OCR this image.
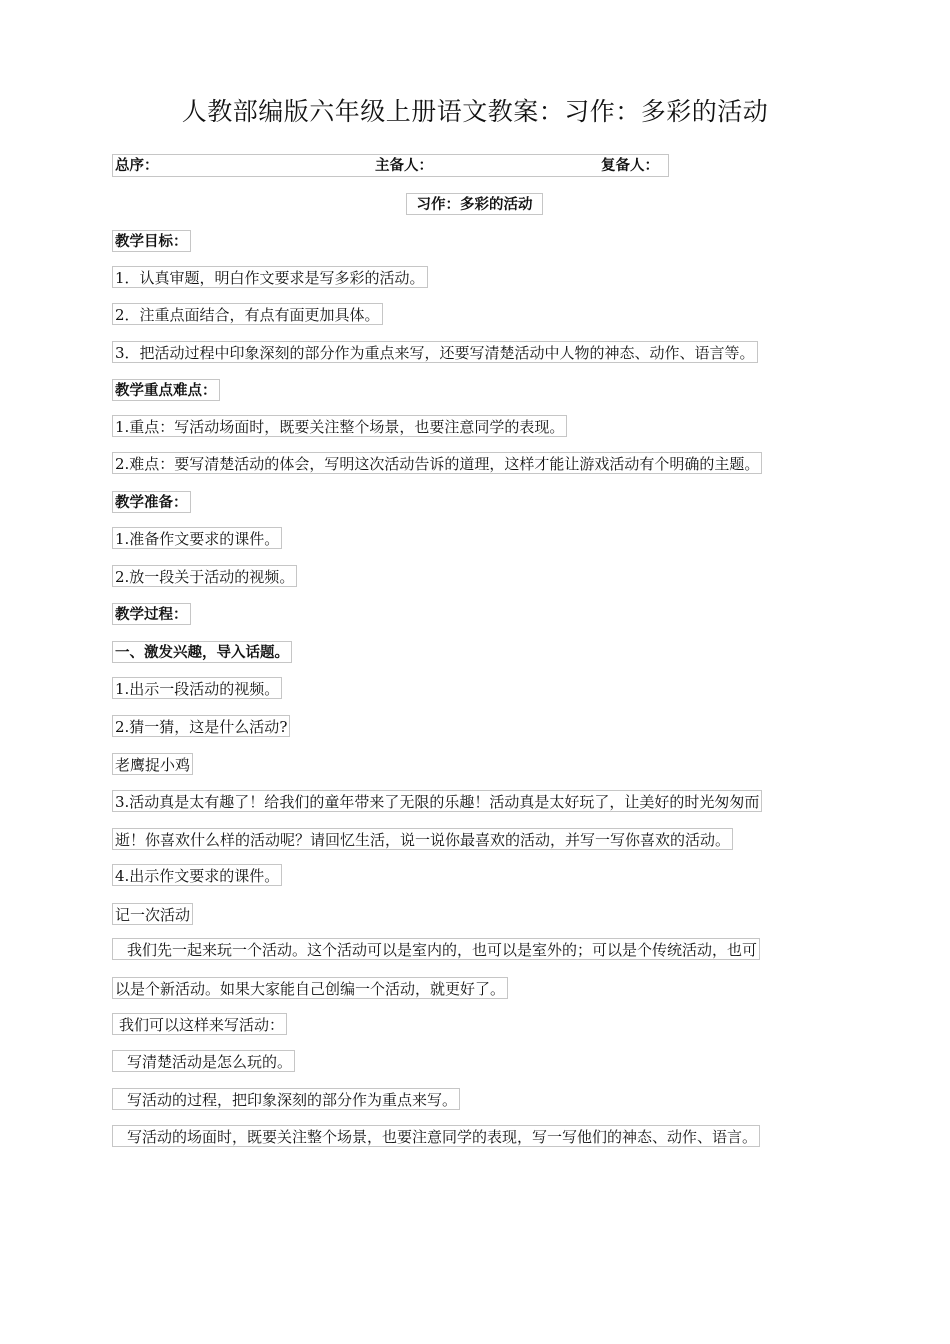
人教部编版六年级上册语文教案：习作：多彩的活动
总序：	主备人：	复备人：
习作：多彩的活动
教学目标：
1．认真审题，明白作文要求是写多彩的活动。
2．注重点面结合，有点有面更加具体。
3．把活动过程中印象深刻的部分作为重点来写，还要写清楚活动中人物的神态、动作、语言等。
教学重点难点：
1.重点：写活动场面时，既要关注整个场景，也要注意同学的表现。
2.难点：要写清楚活动的体会，写明这次活动告诉的道理，这样才能让游戏活动有个明确的主题。
教学准备：
1.准备作文要求的课件。
2.放一段关于活动的视频。
教学过程：
一、激发兴趣，导入话题。
1.出示一段活动的视频。
2.猜一猜，这是什么活动?
老鹰捉小鸡
3.活动真是太有趣了！给我们的童年带来了无限的乐趣！活动真是太好玩了，让美好的时光匆匆而
逝！你喜欢什么样的活动呢？请回忆生活，说一说你最喜欢的活动，并写一写你喜欢的活动。
4.出示作文要求的课件。
记一次活动
我们先一起来玩一个活动。这个活动可以是室内的，也可以是室外的；可以是个传统活动，也可
以是个新活动。如果大家能自己创编一个活动，就更好了。
我们可以这样来写活动：
写清楚活动是怎么玩的。
写活动的过程，把印象深刻的部分作为重点来写。
写活动的场面时，既要关注整个场景，也要注意同学的表现，写一写他们的神态、动作、语言。
